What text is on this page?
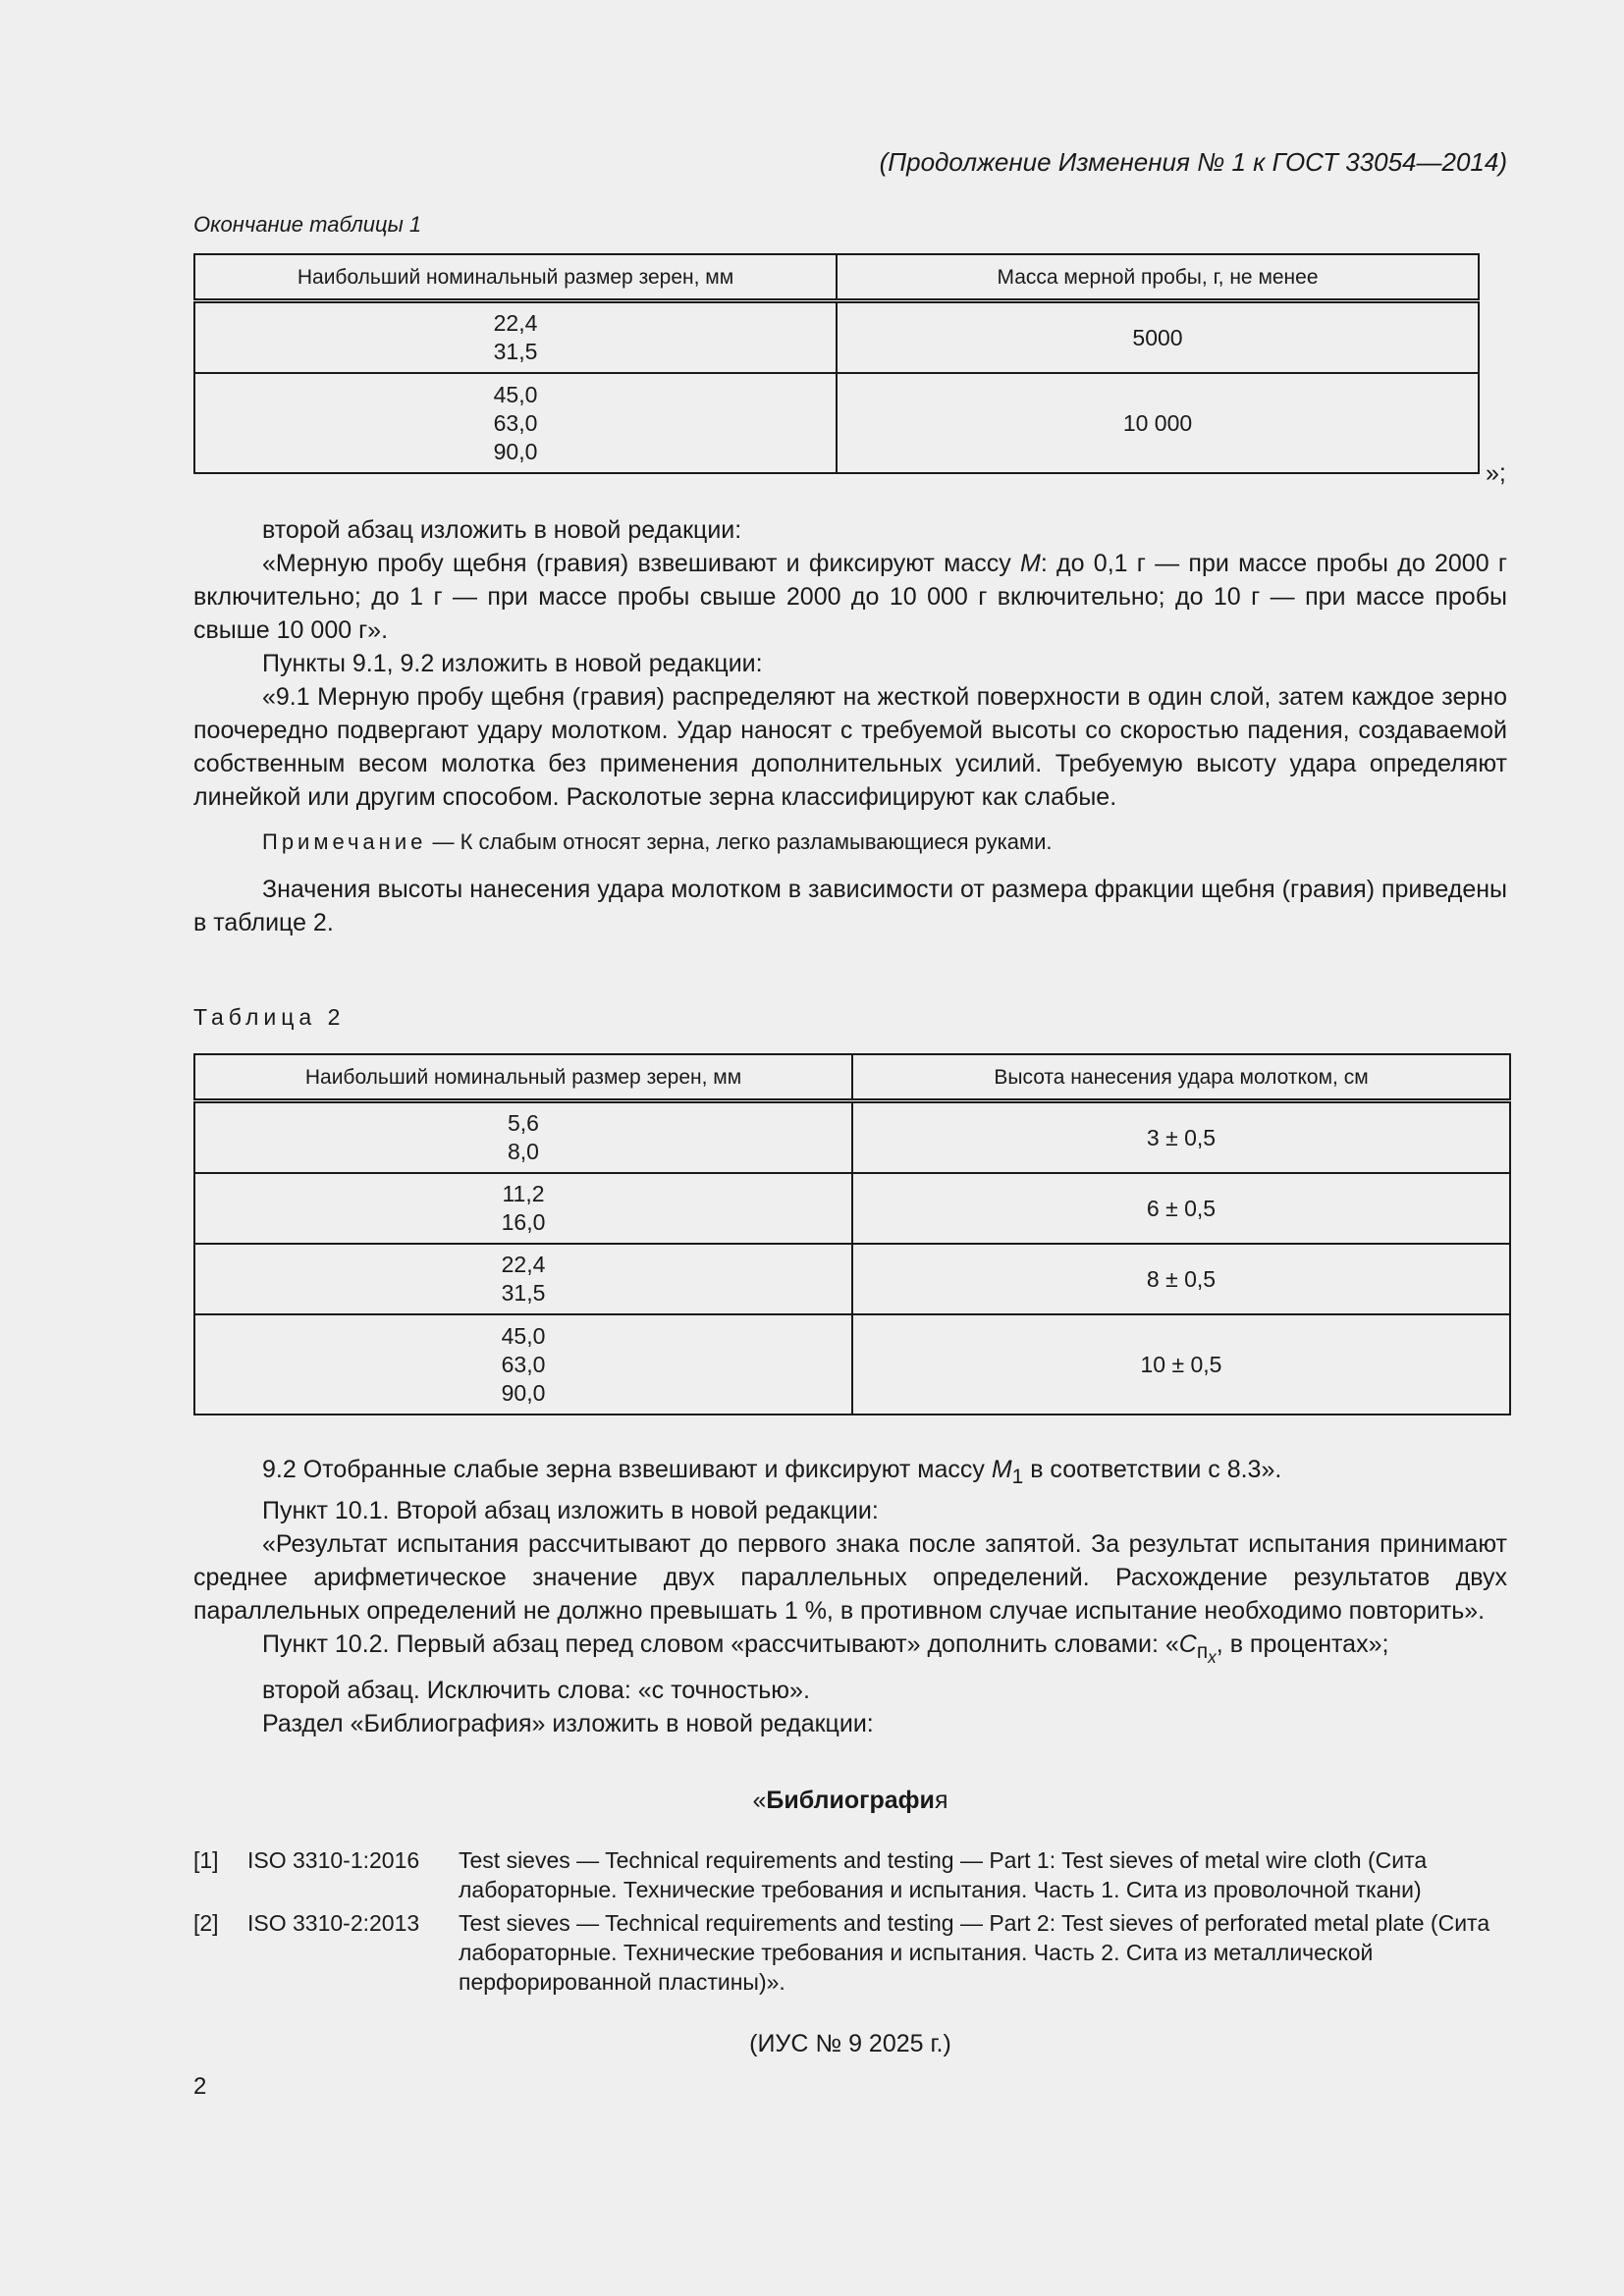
(Продолжение Изменения № 1 к ГОСТ 33054—2014)
Окончание таблицы 1
Наибольший номинальный размер зерен, мм	Масса мерной пробы, г, не менее

22,4
31,5	5000

45,0
63,0
90,0	10 000
»;

второй абзац изложить в новой редакции:

«Мерную пробу щебня (гравия) взвешивают и фиксируют массу М: до 0,1 г — при массе пробы до 2000 г включительно; до 1 г — при массе пробы свыше 2000 до 10 000 г включительно; до 10 г — при массе пробы свыше 10 000 г».

Пункты 9.1, 9.2 изложить в новой редакции:

«9.1 Мерную пробу щебня (гравия) распределяют на жесткой поверхности в один слой, затем каждое зерно поочередно подвергают удару молотком. Удар наносят с требуемой высоты со скоростью падения, создаваемой собственным весом молотка без применения дополнительных усилий. Требуемую высоту удара определяют линейкой или другим способом. Расколотые зерна классифицируют как слабые.

Примечание — К слабым относят зерна, легко разламывающиеся руками.

Значения высоты нанесения удара молотком в зависимости от размера фракции щебня (гравия) приведены в таблице 2.

Таблица 2
Наибольший номинальный размер зерен, мм	Высота нанесения удара молотком, см

5,6
8,0	3 ± 0,5

11,2
16,0	6 ± 0,5

22,4
31,5	8 ± 0,5

45,0
63,0
90,0	10 ± 0,5

9.2 Отобранные слабые зерна взвешивают и фиксируют массу $М_1$ в соответствии с 8.3».

Пункт 10.1. Второй абзац изложить в новой редакции:

«Результат испытания рассчитывают до первого знака после запятой. За результат испытания принимают среднее арифметическое значение двух параллельных определений. Расхождение результатов двух параллельных определений не должно превышать 1 %, в противном случае испытание необходимо повторить».

Пункт 10.2. Первый абзац перед словом «рассчитывают» дополнить словами: «$С_{п_x}$, в процентах»;

второй абзац. Исключить слова: «с точностью».

Раздел «Библиография» изложить в новой редакции:

«Библиография
[1]	ISO 3310-1:2016	Test sieves — Technical requirements and testing — Part 1: Test sieves of metal wire cloth (Сита лабораторные. Технические требования и испытания. Часть 1. Сита из проволочной ткани)
[2]	ISO 3310-2:2013	Test sieves — Technical requirements and testing — Part 2: Test sieves of perforated metal plate (Сита лабораторные. Технические требования и испытания. Часть 2. Сита из металлической перфорированной пластины)».
(ИУС № 9 2025 г.)
2
